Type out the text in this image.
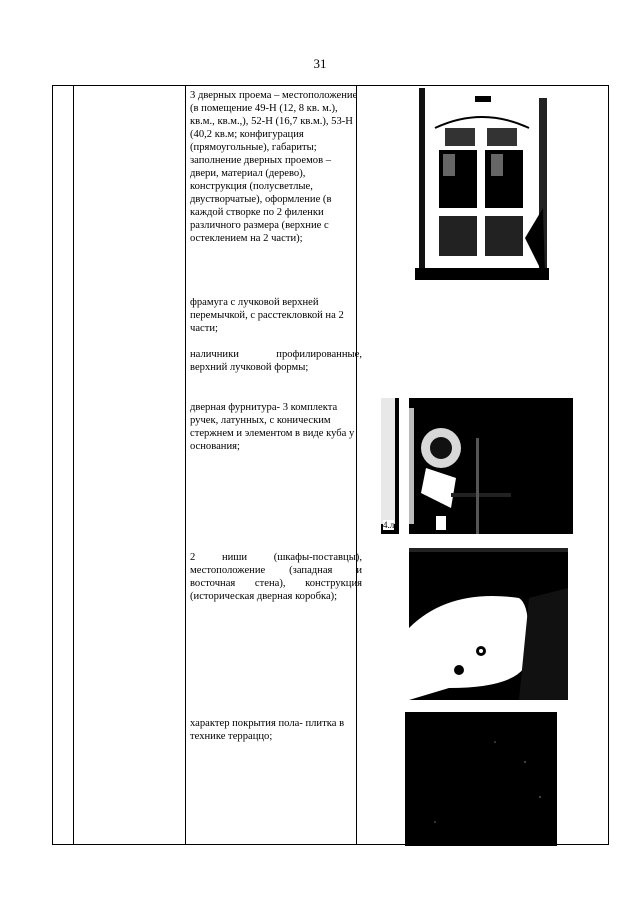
31
3 дверных проема – местоположение (в помещение 49-Н (12, 8 кв. м.), кв.м., кв.м.,), 52-Н (16,7 кв.м.), 53-Н (40,2 кв.м; конфигурация (прямоугольные), габариты; заполнение дверных проемов – двери, материал (дерево), конструкция (полусветлые, двустворчатые), оформление (в каждой створке по 2 филенки различного размера (верхние с остеклением на 2 части);
фрамуга с лучковой верхней перемычкой, с расстекловкой на 2 части;
наличники профилированные, верхний лучковой формы;
дверная фурнитура- 3 комплекта ручек, латунных, с коническим стержнем и элементом в виде куба у основания;
2 ниши (шкафы-поставцы), местоположение (западная и восточная стена), конструкция (историческая дверная коробка);
характер покрытия пола- плитка в технике терраццо;
4.л
